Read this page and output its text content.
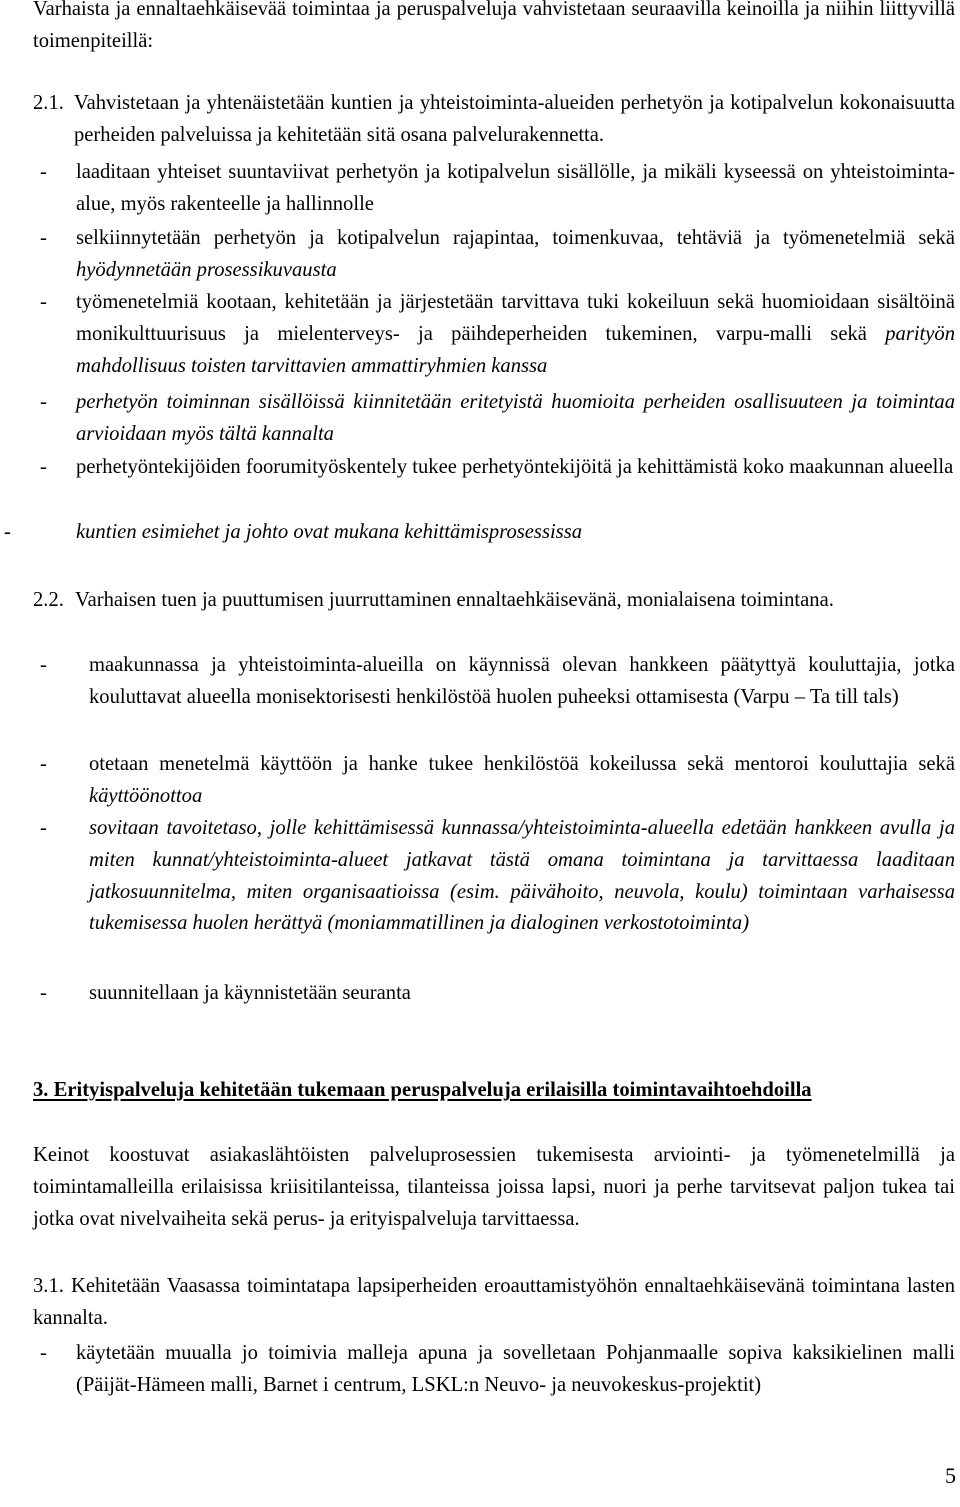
Varhaista ja ennaltaehkäisevää toimintaa ja peruspalveluja vahvistetaan seuraavilla keinoilla ja niihin liittyvillä toimenpiteillä:

2.1. Vahvistetaan ja yhtenäistetään kuntien ja yhteistoiminta-alueiden perhetyön ja kotipalvelun kokonaisuutta perheiden palveluissa ja kehitetään sitä osana palvelurakennetta.

- laaditaan yhteiset suuntaviivat perhetyön ja kotipalvelun sisällölle, ja mikäli kyseessä on yhteistoiminta-alue, myös rakenteelle ja hallinnolle

- selkiinnytetään perhetyön ja kotipalvelun rajapintaa, toimenkuvaa, tehtäviä ja työmenetelmiä sekä hyödynnetään prosessikuvausta

- työmenetelmiä kootaan, kehitetään ja järjestetään tarvittava tuki kokeiluun sekä huomioidaan sisältöinä monikulttuurisuus ja mielenterveys- ja päihdeperheiden tukeminen, varpu-malli sekä parityön mahdollisuus toisten tarvittavien ammattiryhmien kanssa

- perhetyön toiminnan sisällöissä kiinnitetään eritetyistä huomioita perheiden osallisuuteen ja toimintaa arvioidaan myös tältä kannalta

- perhetyöntekijöiden foorumityöskentely tukee perhetyöntekijöitä ja kehittämistä koko maakunnan alueella

-	kuntien esimiehet ja johto ovat mukana kehittämisprosessissa

2.2. Varhaisen tuen ja puuttumisen juurruttaminen ennaltaehkäisevänä, monialaisena toimintana.

- maakunnassa ja yhteistoiminta-alueilla on käynnissä olevan hankkeen päätyttyä kouluttajia, jotka kouluttavat alueella monisektorisesti henkilöstöä huolen puheeksi ottamisesta (Varpu – Ta till tals)

- otetaan menetelmä käyttöön ja hanke tukee henkilöstöä kokeilussa sekä mentoroi kouluttajia sekä käyttöönottoa

- sovitaan tavoitetaso, jolle kehittämisessä kunnassa/yhteistoiminta-alueella edetään hankkeen avulla ja miten kunnat/yhteistoiminta-alueet jatkavat tästä omana toimintana ja tarvittaessa laaditaan jatkosuunnitelma, miten organisaatioissa (esim. päivähoito, neuvola, koulu) toimintaan varhaisessa tukemisessa huolen herättyä (moniammatillinen ja dialoginen verkostotoiminta)

- suunnitellaan ja käynnistetään seuranta

3. Erityispalveluja kehitetään tukemaan peruspalveluja erilaisilla toimintavaihtoehdoilla

Keinot koostuvat asiakaslähtöisten palveluprosessien tukemisesta arviointi- ja työmenetelmillä ja toimintamalleilla erilaisissa kriisitilanteissa, tilanteissa joissa lapsi, nuori ja perhe tarvitsevat paljon tukea tai jotka ovat nivelvaiheita sekä perus- ja erityispalveluja tarvittaessa.

3.1. Kehitetään Vaasassa toimintatapa lapsiperheiden eroauttamistyöhön ennaltaehkäisevänä toimintana lasten kannalta.

- käytetään muualla jo toimivia malleja apuna ja sovelletaan Pohjanmaalle sopiva kaksikielinen malli (Päijät-Hämeen malli, Barnet i centrum, LSKL:n Neuvo- ja neuvokeskus-projektit)

5
